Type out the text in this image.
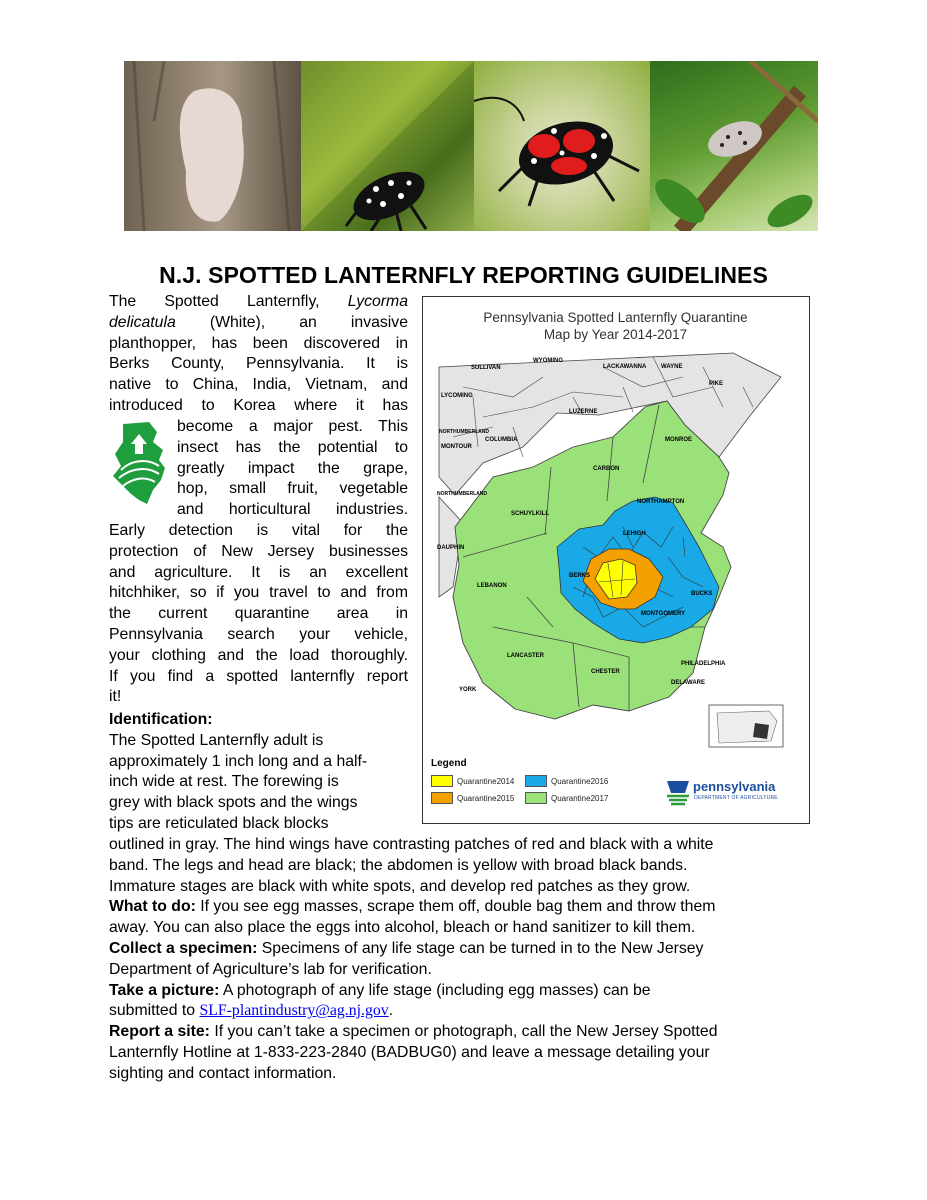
N.J. SPOTTED LANTERNFLY REPORTING GUIDELINES
The Spotted Lanternfly, Lycorma
delicatula (White), an invasive
planthopper, has been discovered in
Berks County, Pennsylvania. It is
native to China, India, Vietnam, and
introduced to Korea where it has
become a major pest. This
insect has the potential to
greatly impact the grape,
hop, small fruit, vegetable
and horticultural industries.
Early detection is vital for the
protection of New Jersey businesses
and agriculture. It is an excellent
hitchhiker, so if you travel to and from
the current quarantine area in
Pennsylvania search your vehicle,
your clothing and the load thoroughly.
If you find a spotted lanternfly report
it!
Identification:
The Spotted Lanternfly adult is
approximately 1 inch long and a half-
inch wide at rest. The forewing is
grey with black spots and the wings
tips are reticulated black blocks
outlined in gray. The hind wings have contrasting patches of red and black with a white
band. The legs and head are black; the abdomen is yellow with broad black bands.
Immature stages are black with white spots, and develop red patches as they grow.
What to do: If you see egg masses, scrape them off, double bag them and throw them
away. You can also place the eggs into alcohol, bleach or hand sanitizer to kill them.
Collect a specimen: Specimens of any life stage can be turned in to the New Jersey
Department of Agriculture’s lab for verification.
Take a picture: A photograph of any life stage (including egg masses) can be
submitted to SLF-plantindustry@ag.nj.gov.
Report a site: If you can’t take a specimen or photograph, call the New Jersey Spotted
Lanternfly Hotline at 1-833-223-2840 (BADBUG0) and leave a message detailing your
sighting and contact information.
Pennsylvania Spotted Lanternfly Quarantine
Map by Year 2014-2017
WYOMING
SULLIVAN	LACKAWANNA WAYNE
PIKE
LYCOMING
LUZERNE
NORTHUMBERLAND
COLUMBIA
MONTOUR
MONROE
CARBON
NORTHUMBERLAND
NORTHAMPTON
SCHUYLKILL
LEHIGH
DAUPHIN
BERKS
LEBANON
BUCKS
MONTGOMERY
LANCASTER
PHILADELPHIA
CHESTER
DELAWARE
YORK
Legend
Quarantine2014
Quarantine2015
Quarantine2016
Quarantine2017
pennsylvania
DEPARTMENT OF AGRICULTURE
